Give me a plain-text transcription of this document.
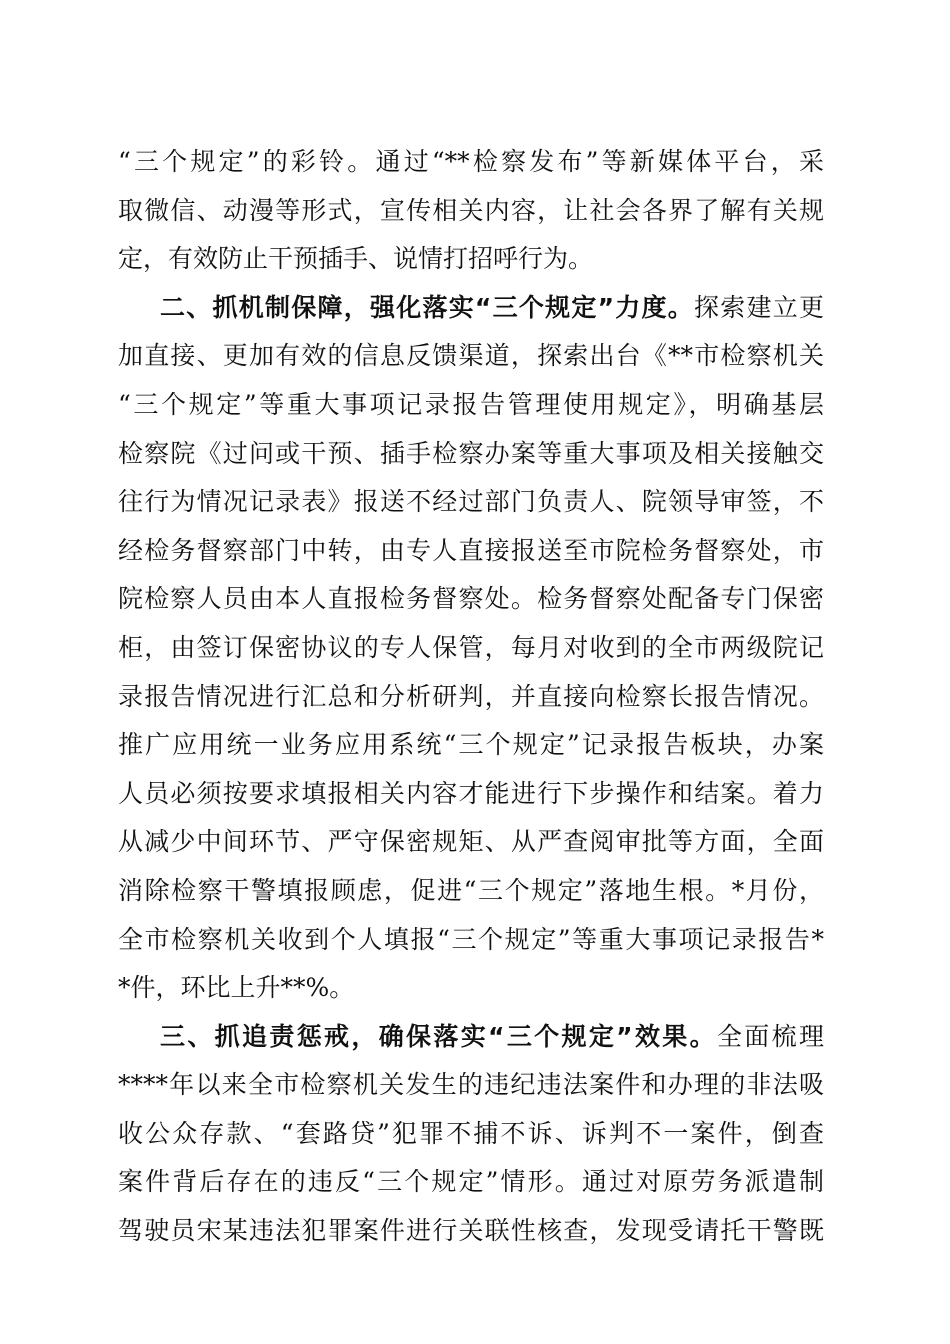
“三个规定”的彩铃。通过“**检察发布”等新媒体平台，采
取微信、动漫等形式，宣传相关内容，让社会各界了解有关规
定，有效防止干预插手、说情打招呼行为。
二、抓机制保障，强化落实“三个规定”力度。探索建立更
加直接、更加有效的信息反馈渠道，探索出台《**市检察机关
“三个规定”等重大事项记录报告管理使用规定》，明确基层
检察院《过问或干预、插手检察办案等重大事项及相关接触交
往行为情况记录表》报送不经过部门负责人、院领导审签，不
经检务督察部门中转，由专人直接报送至市院检务督察处，市
院检察人员由本人直报检务督察处。检务督察处配备专门保密
柜，由签订保密协议的专人保管，每月对收到的全市两级院记
录报告情况进行汇总和分析研判，并直接向检察长报告情况。
推广应用统一业务应用系统“三个规定”记录报告板块，办案
人员必须按要求填报相关内容才能进行下步操作和结案。着力
从减少中间环节、严守保密规矩、从严查阅审批等方面，全面
消除检察干警填报顾虑，促进“三个规定”落地生根。*月份，
全市检察机关收到个人填报“三个规定”等重大事项记录报告*
*件，环比上升**%。
三、抓追责惩戒，确保落实“三个规定”效果。全面梳理
****年以来全市检察机关发生的违纪违法案件和办理的非法吸
收公众存款、“套路贷”犯罪不捕不诉、诉判不一案件，倒查
案件背后存在的违反“三个规定”情形。通过对原劳务派遣制
驾驶员宋某违法犯罪案件进行关联性核查，发现受请托干警既
